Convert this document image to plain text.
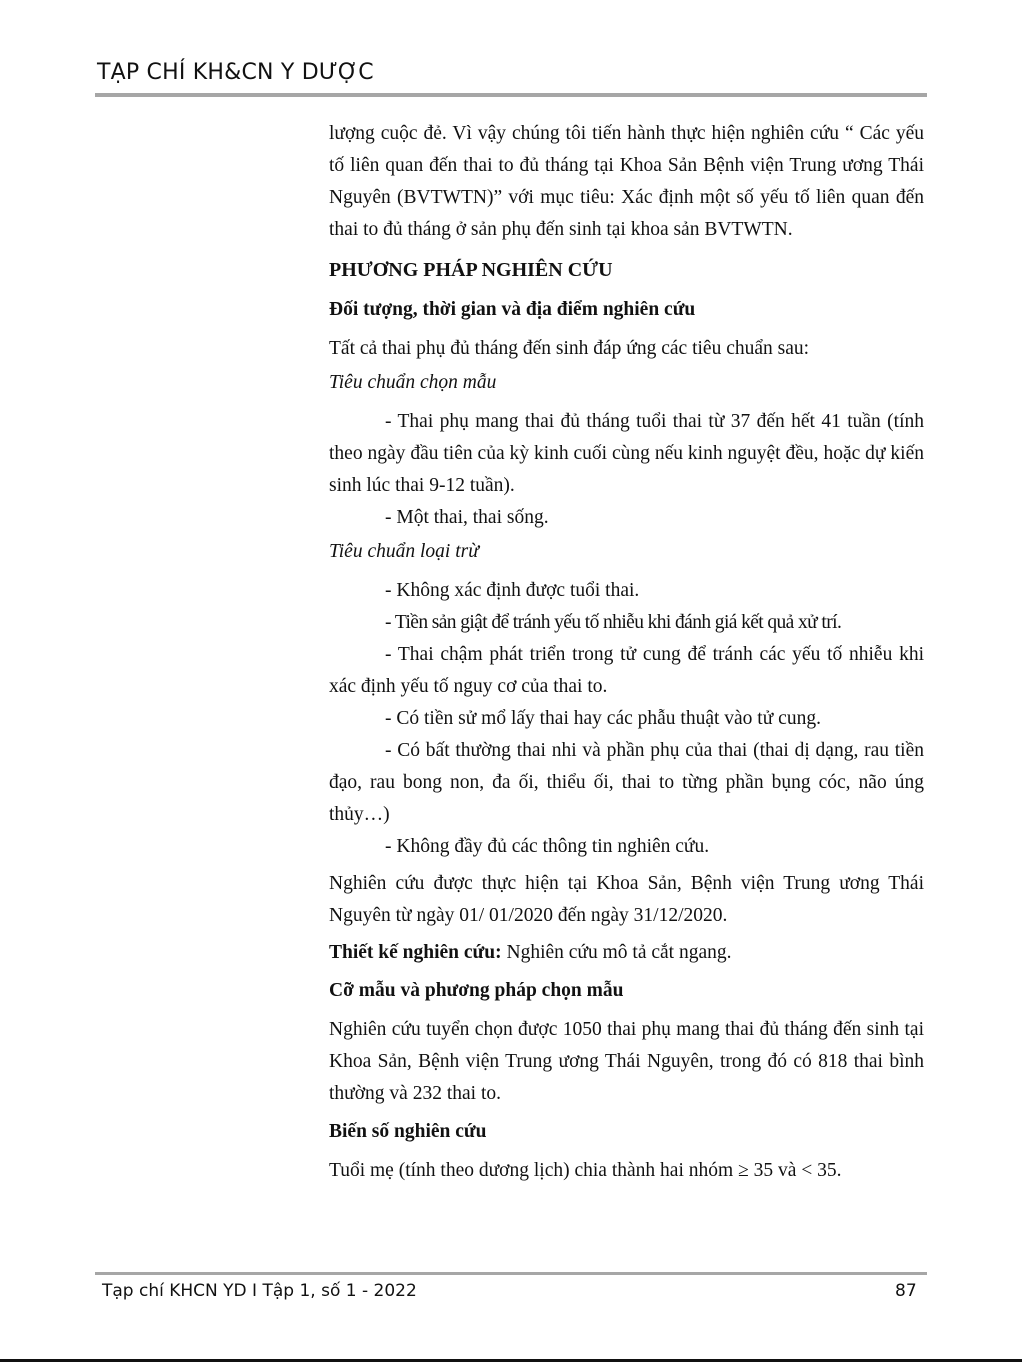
TẠP CHÍ KH&CN Y DƯỢC

lượng cuộc đẻ. Vì vậy chúng tôi tiến hành thực hiện nghiên cứu “ Các yếu tố liên quan đến thai to đủ tháng tại Khoa Sản Bệnh viện Trung ương Thái Nguyên (BVTWTN)” với mục tiêu: Xác định một số yếu tố liên quan đến thai to đủ tháng ở sản phụ đến sinh tại khoa sản BVTWTN.

PHƯƠNG PHÁP NGHIÊN CỨU

Đối tượng, thời gian và địa điểm nghiên cứu

Tất cả thai phụ đủ tháng đến sinh đáp ứng các tiêu chuẩn sau:

Tiêu chuẩn chọn mẫu

- Thai phụ mang thai đủ tháng tuổi thai từ 37 đến hết 41 tuần (tính theo ngày đầu tiên của kỳ kinh cuối cùng nếu kinh nguyệt đều, hoặc dự kiến sinh lúc thai 9-12 tuần).

- Một thai, thai sống.

Tiêu chuẩn loại trừ

- Không xác định được tuổi thai.

- Tiền sản giật để tránh yếu tố nhiễu khi đánh giá kết quả xử trí.

- Thai chậm phát triển trong tử cung để tránh các yếu tố nhiễu khi xác định yếu tố nguy cơ của thai to.

- Có tiền sử mổ lấy thai hay các phẫu thuật vào tử cung.

- Có bất thường thai nhi và phần phụ của thai (thai dị dạng, rau tiền đạo, rau bong non, đa ối, thiểu ối, thai to từng phần bụng cóc, não úng thủy…)

- Không đầy đủ các thông tin nghiên cứu.

Nghiên cứu được thực hiện tại Khoa Sản, Bệnh viện Trung ương Thái Nguyên từ ngày 01/ 01/2020 đến ngày 31/12/2020.

Thiết kế nghiên cứu: Nghiên cứu mô tả cắt ngang.

Cỡ mẫu và phương pháp chọn mẫu

Nghiên cứu tuyển chọn được 1050 thai phụ mang thai đủ tháng đến sinh tại Khoa Sản, Bệnh viện Trung ương Thái Nguyên, trong đó có 818 thai bình thường và 232 thai to.

Biến số nghiên cứu

Tuổi mẹ (tính theo dương lịch) chia thành hai nhóm ≥ 35 và < 35.

Tạp chí KHCN YD I Tập 1, số 1 - 2022	87
